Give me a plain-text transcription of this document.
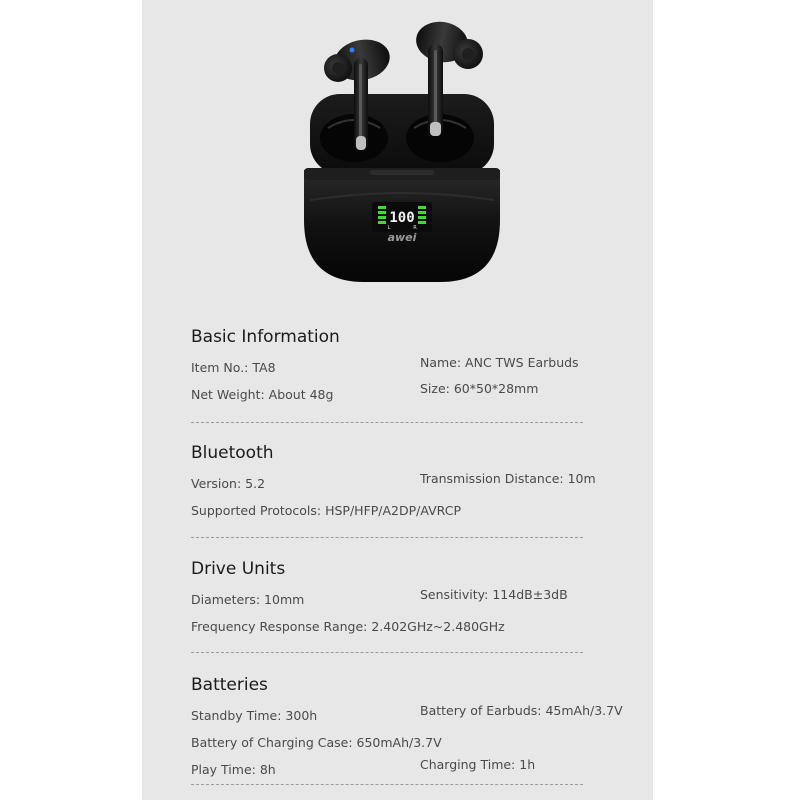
100
L	R
awei
Basic Information
Item No.: TA8	Name: ANC TWS Earbuds
Net Weight: About 48g	Size: 60*50*28mm
Bluetooth
Version: 5.2	Transmission Distance: 10m
Supported Protocols: HSP/HFP/A2DP/AVRCP
Drive Units
Diameters: 10mm	Sensitivity: 114dB±3dB
Frequency Response Range: 2.402GHz~2.480GHz
Batteries
Standby Time: 300h	Battery of Earbuds: 45mAh/3.7V
Battery of Charging Case: 650mAh/3.7V
Play Time: 8h	Charging Time: 1h
